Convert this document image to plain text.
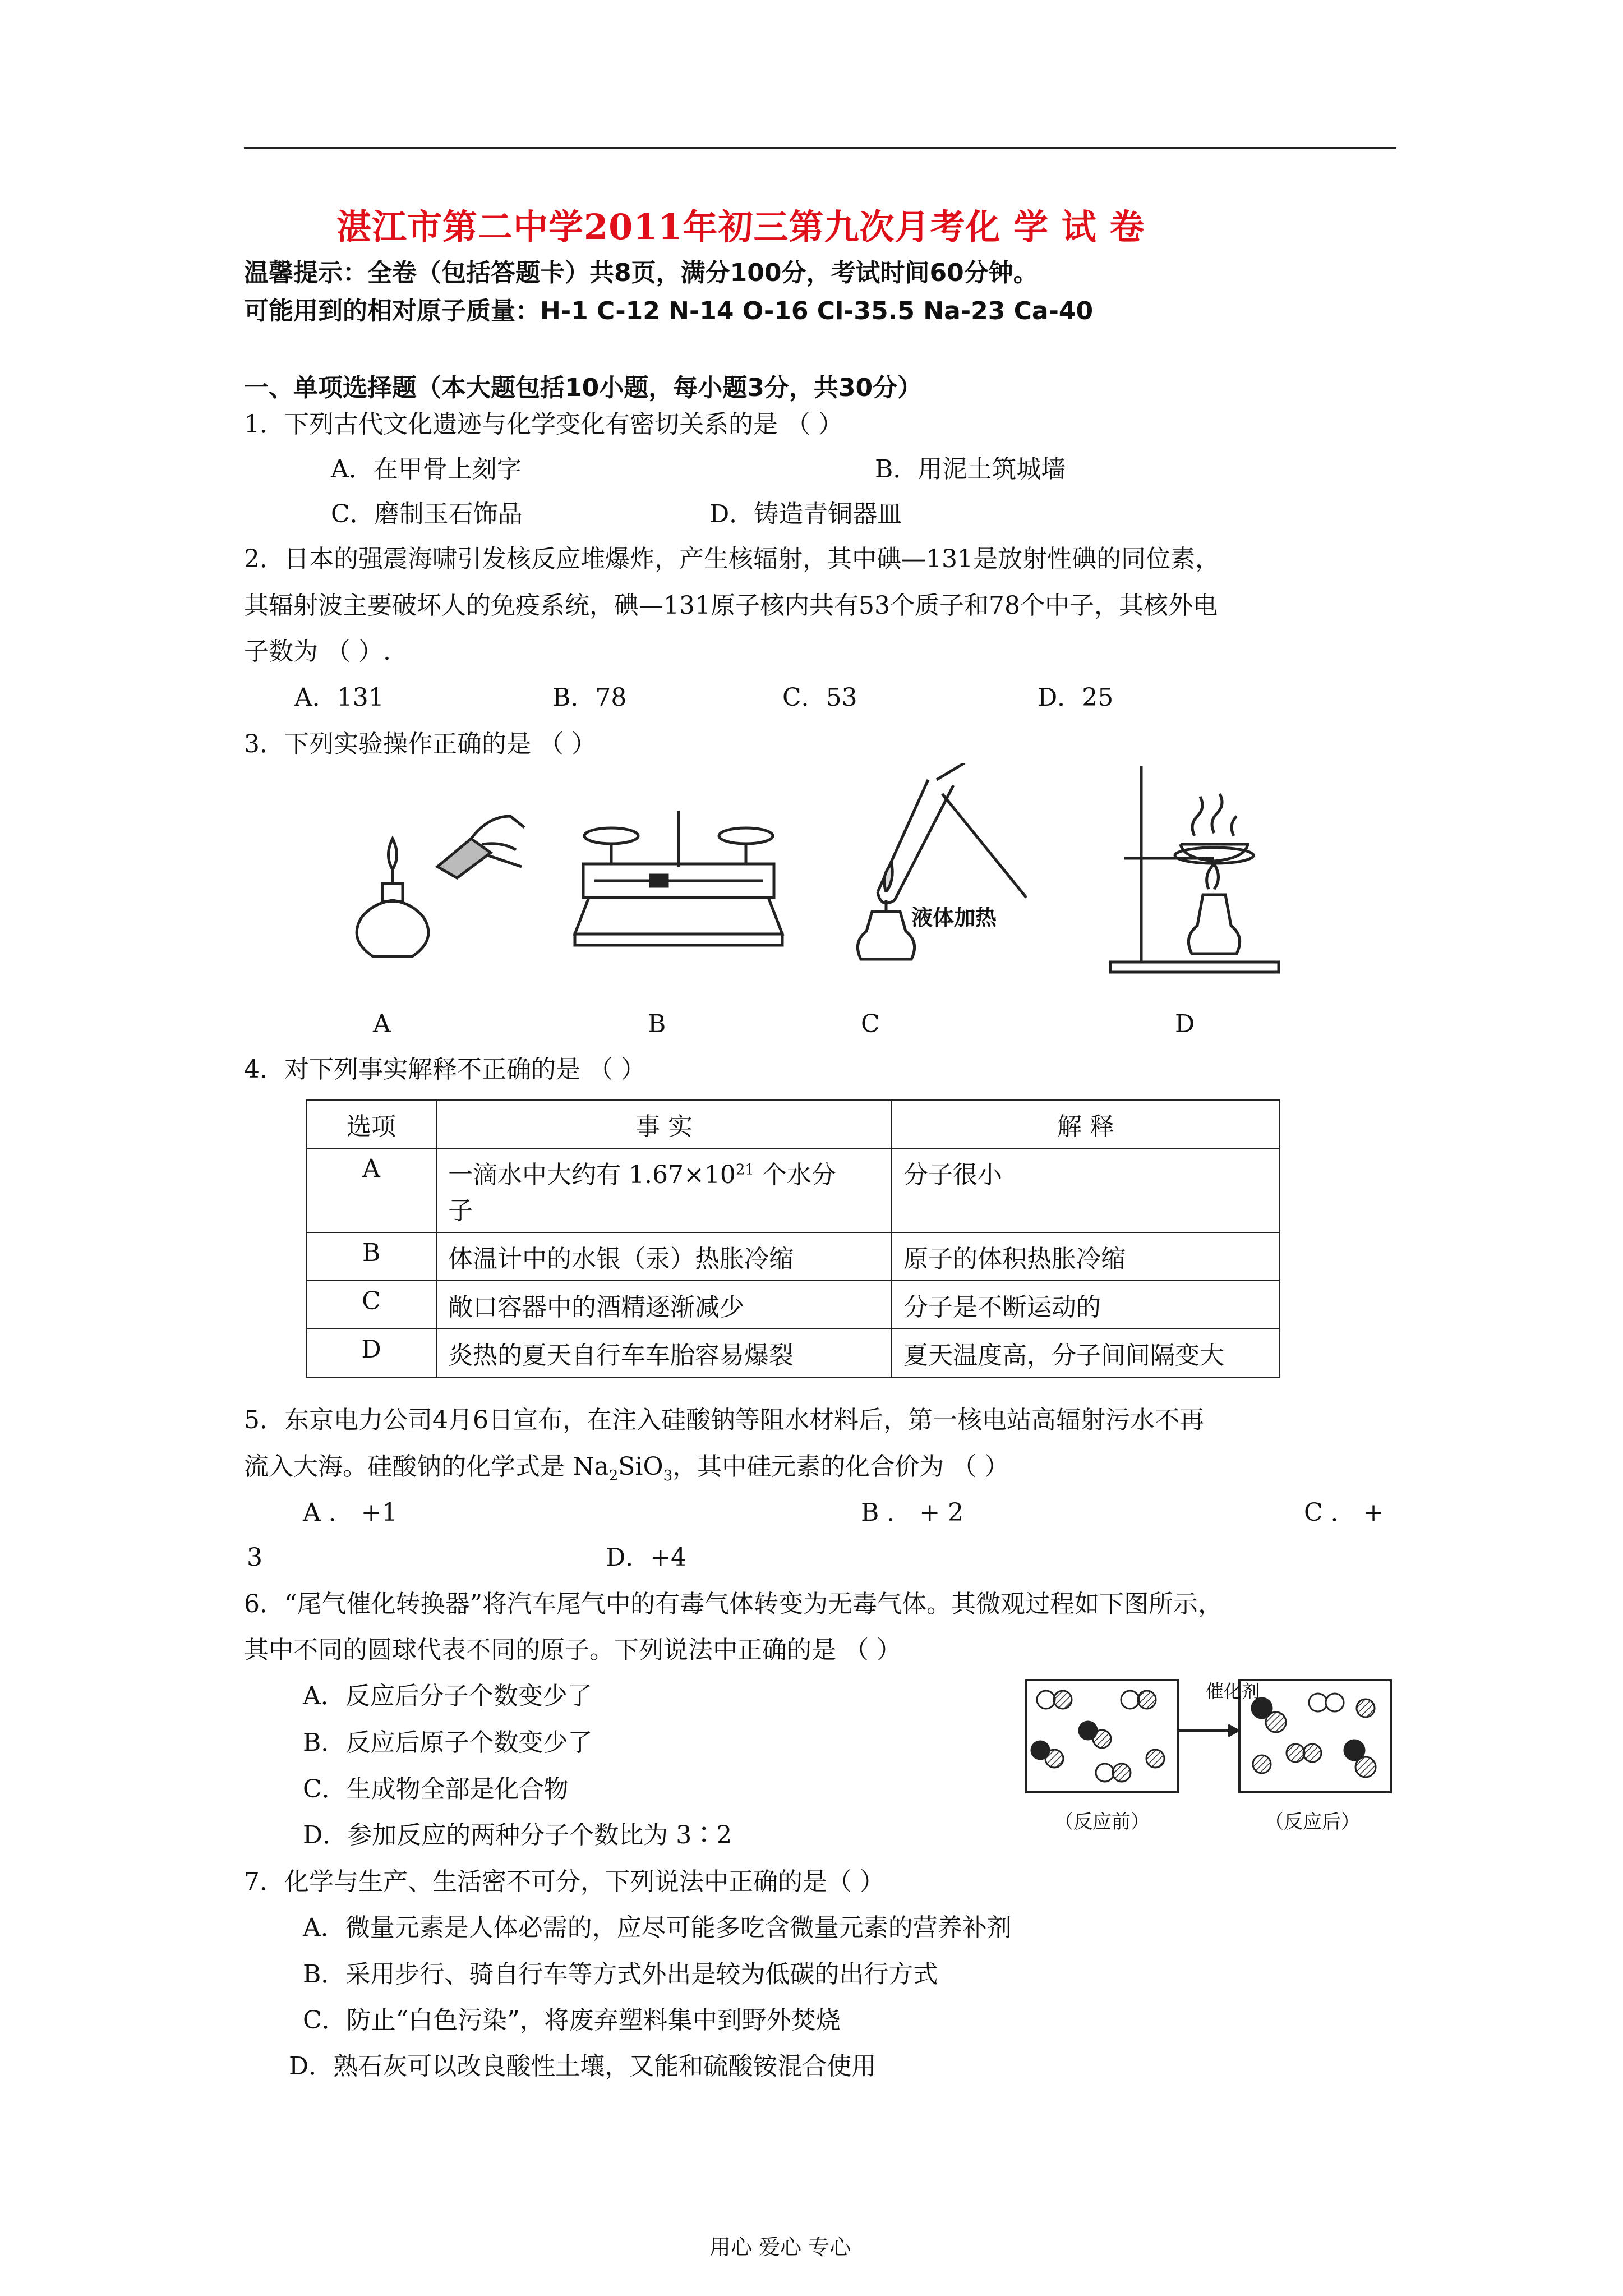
湛江市第二中学2011年初三第九次月考化 学 试 卷
温馨提示：全卷（包括答题卡）共8页，满分100分，考试时间60分钟。
可能用到的相对原子质量：H-1 C-12 N-14 O-16 Cl-35.5 Na-23 Ca-40
一、单项选择题（本大题包括10小题，每小题3分，共30分）
1．下列古代文化遗迹与化学变化有密切关系的是 （ ）
A．在甲骨上刻字	B．用泥土筑城墙
C．磨制玉石饰品	D．铸造青铜器皿
2．日本的强震海啸引发核反应堆爆炸，产生核辐射，其中碘—131是放射性碘的同位素，
其辐射波主要破坏人的免疫系统，碘—131原子核内共有53个质子和78个中子，其核外电
子数为 （ ）.
A．131	B．78	C．53	D．25
3．下列实验操作正确的是 （ ）
液体加热
A	B	C	D
4．对下列事实解释不正确的是 （ ）
选项	事 实	解 释
A	一滴水中大约有 $1.67\times 10^{21}$ 个水分
子	分子很小
B	体温计中的水银（汞）热胀冷缩	原子的体积热胀冷缩
C	敞口容器中的酒精逐渐减少	分子是不断运动的
D	炎热的夏天自行车车胎容易爆裂	夏天温度高，分子间间隔变大
5．东京电力公司4月6日宣布，在注入硅酸钠等阻水材料后，第一核电站高辐射污水不再
流入大海。硅酸钠的化学式是 $Na_2SiO_3$，其中硅元素的化合价为 （ ）
A ． +1	B ． + 2	C ． +
3	D．+4
6．“尾气催化转换器”将汽车尾气中的有毒气体转变为无毒气体。其微观过程如下图所示，
其中不同的圆球代表不同的原子。下列说法中正确的是 （ ）
A．反应后分子个数变少了
B．反应后原子个数变少了
C．生成物全部是化合物
D．参加反应的两种分子个数比为 3∶2
催化剂
（反应前）	（反应后）
7．化学与生产、生活密不可分，下列说法中正确的是（ ）
A．微量元素是人体必需的，应尽可能多吃含微量元素的营养补剂
B．采用步行、骑自行车等方式外出是较为低碳的出行方式
C．防止“白色污染”，将废弃塑料集中到野外焚烧
D．熟石灰可以改良酸性土壤，又能和硫酸铵混合使用
用心 爱心 专心
